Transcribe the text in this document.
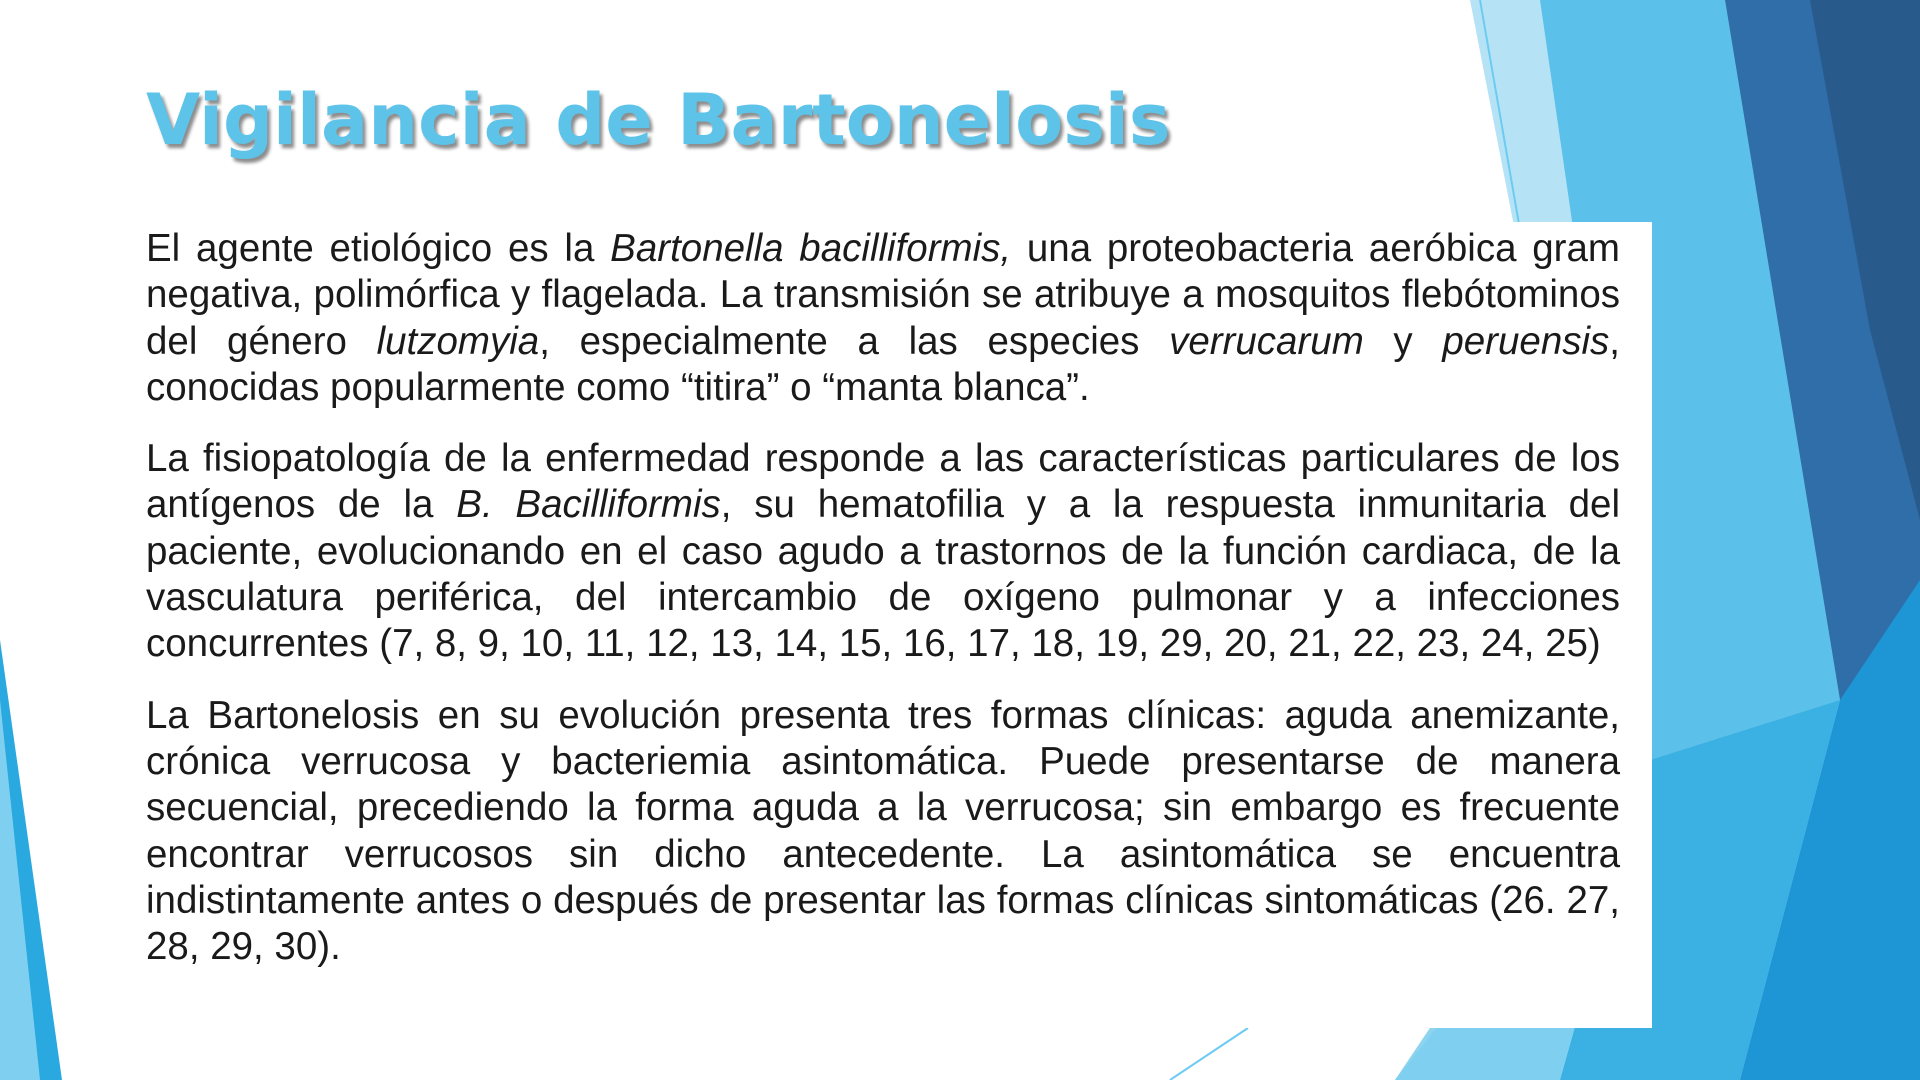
Vigilancia de Bartonelosis

El agente etiológico es la Bartonella bacilliformis, una proteobacteria aeróbica gram negativa, polimórfica y flagelada. La transmisión se atribuye a mosquitos flebótominos del género lutzomyia, especialmente a las especies verrucarum y peruensis, conocidas popularmente como “titira” o “manta blanca”.

La fisiopatología de la enfermedad responde a las características particulares de los antígenos de la B. Bacilliformis, su hematofilia y a la respuesta inmunitaria del paciente, evolucionando en el caso agudo a trastornos de la función cardiaca, de la vasculatura periférica, del intercambio de oxígeno pulmonar y a infecciones concurrentes (7, 8, 9, 10, 11, 12, 13, 14, 15, 16, 17, 18, 19, 29, 20, 21, 22, 23, 24, 25)

La Bartonelosis en su evolución presenta tres formas clínicas: aguda anemizante, crónica verrucosa y bacteriemia asintomática. Puede presentarse de manera secuencial, precediendo la forma aguda a la verrucosa; sin embargo es frecuente encontrar verrucosos sin dicho antecedente. La asintomática se encuentra indistintamente antes o después de presentar las formas clínicas sintomáticas (26. 27, 28, 29, 30).
